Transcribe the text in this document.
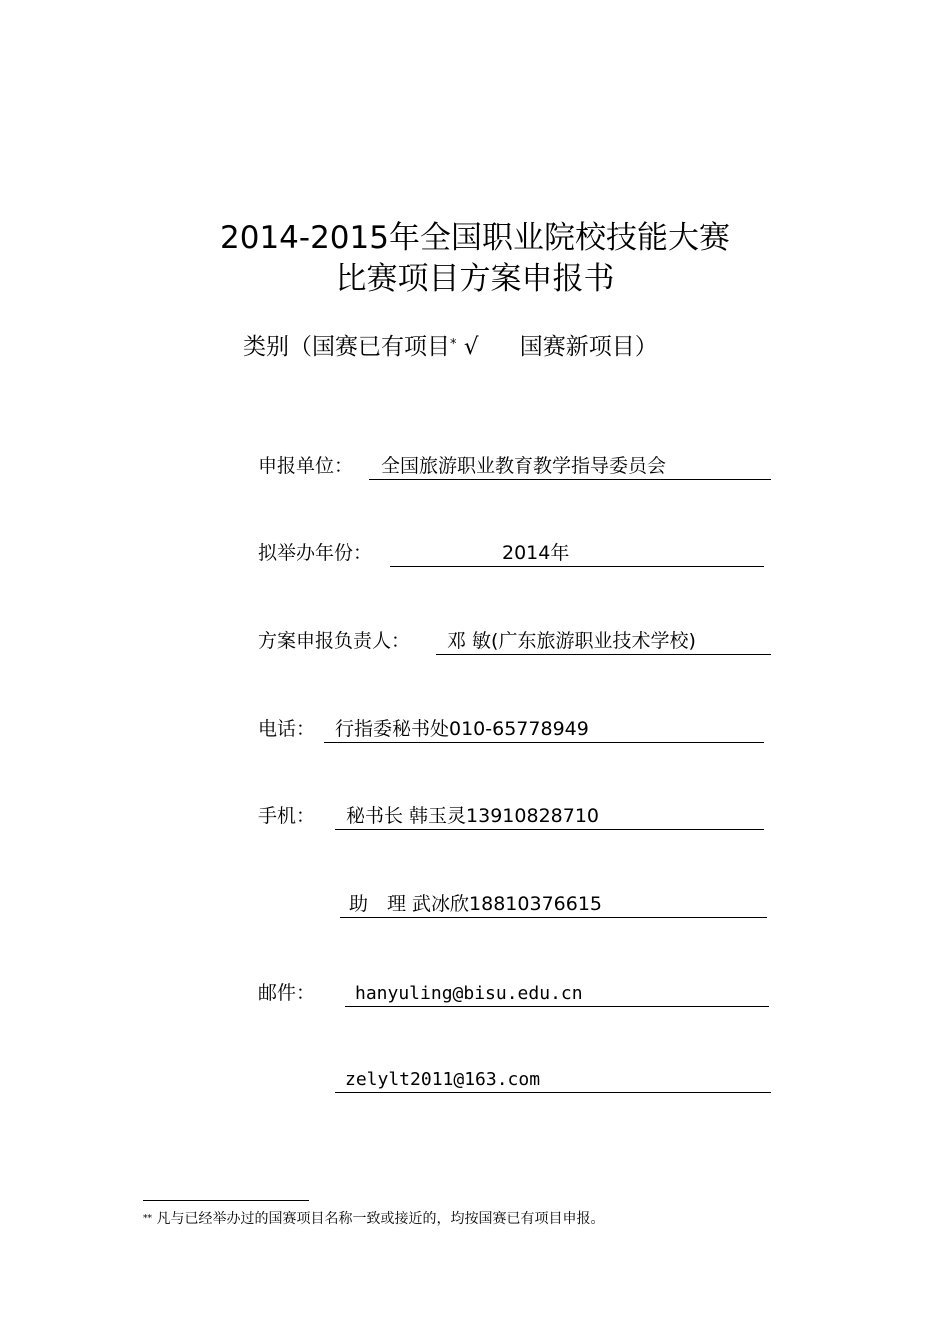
2014-2015年全国职业院校技能大赛
比赛项目方案申报书
类别（国赛已有项目* √ 国赛新项目）
申报单位：	全国旅游职业教育教学指导委员会
拟举办年份：	2014年
方案申报负责人：	邓 敏(广东旅游职业技术学校)
电话：	行指委秘书处010-65778949
手机：	秘书长 韩玉灵13910828710
助　理 武冰欣18810376615
邮件：	hanyuling@bisu.edu.cn
zelylt2011@163.com
** 凡与已经举办过的国赛项目名称一致或接近的，均按国赛已有项目申报。
